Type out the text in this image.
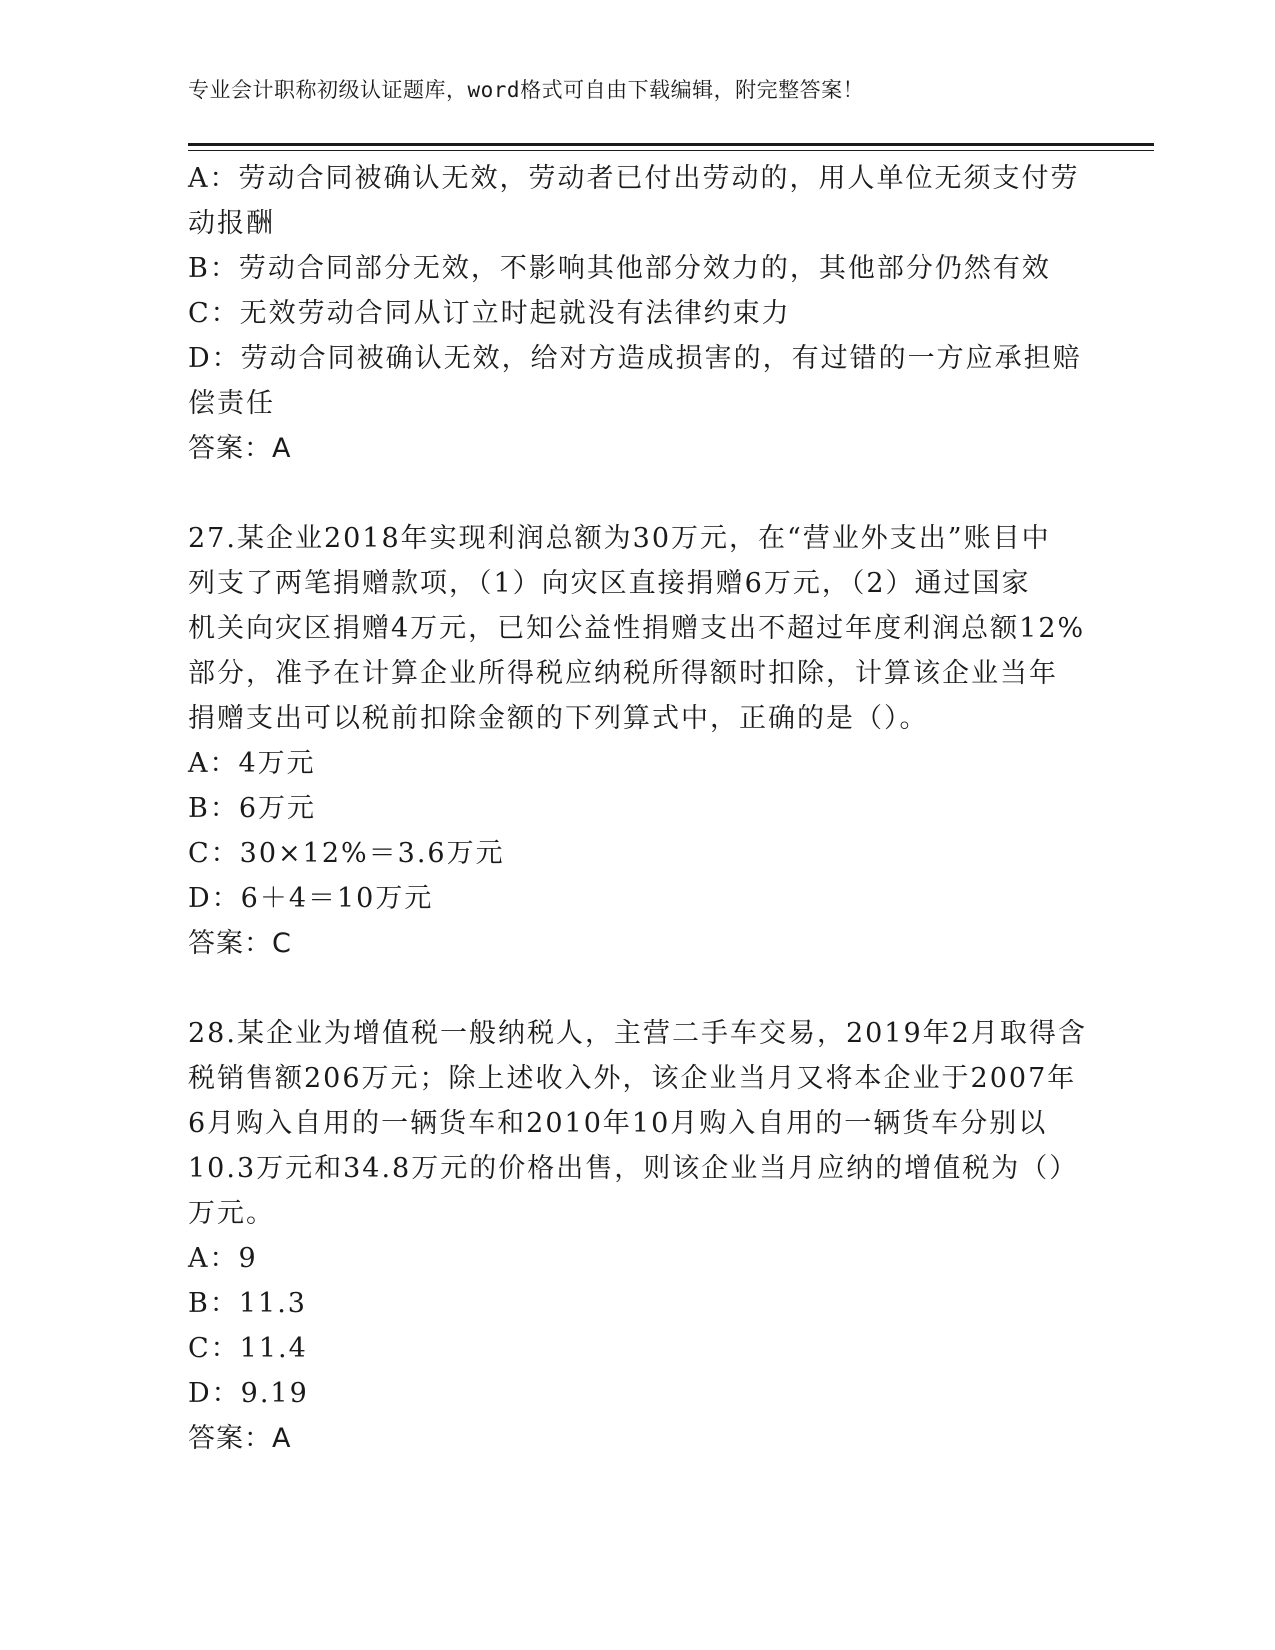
专业会计职称初级认证题库，word格式可自由下载编辑，附完整答案！
A：劳动合同被确认无效，劳动者已付出劳动的，用人单位无须支付劳
动报酬
B：劳动合同部分无效，不影响其他部分效力的，其他部分仍然有效
C：无效劳动合同从订立时起就没有法律约束力
D：劳动合同被确认无效，给对方造成损害的，有过错的一方应承担赔
偿责任
答案：A
27.某企业2018年实现利润总额为30万元，在“营业外支出”账目中
列支了两笔捐赠款项，（1）向灾区直接捐赠6万元，（2）通过国家
机关向灾区捐赠4万元，已知公益性捐赠支出不超过年度利润总额12%
部分，准予在计算企业所得税应纳税所得额时扣除，计算该企业当年
捐赠支出可以税前扣除金额的下列算式中，正确的是（）。
A：4万元
B：6万元
C：30×12%＝3.6万元
D：6＋4＝10万元
答案：C
28.某企业为增值税一般纳税人，主营二手车交易，2019年2月取得含
税销售额206万元；除上述收入外，该企业当月又将本企业于2007年
6月购入自用的一辆货车和2010年10月购入自用的一辆货车分别以
10.3万元和34.8万元的价格出售，则该企业当月应纳的增值税为（）
万元。
A：9
B：11.3
C：11.4
D：9.19
答案：A
